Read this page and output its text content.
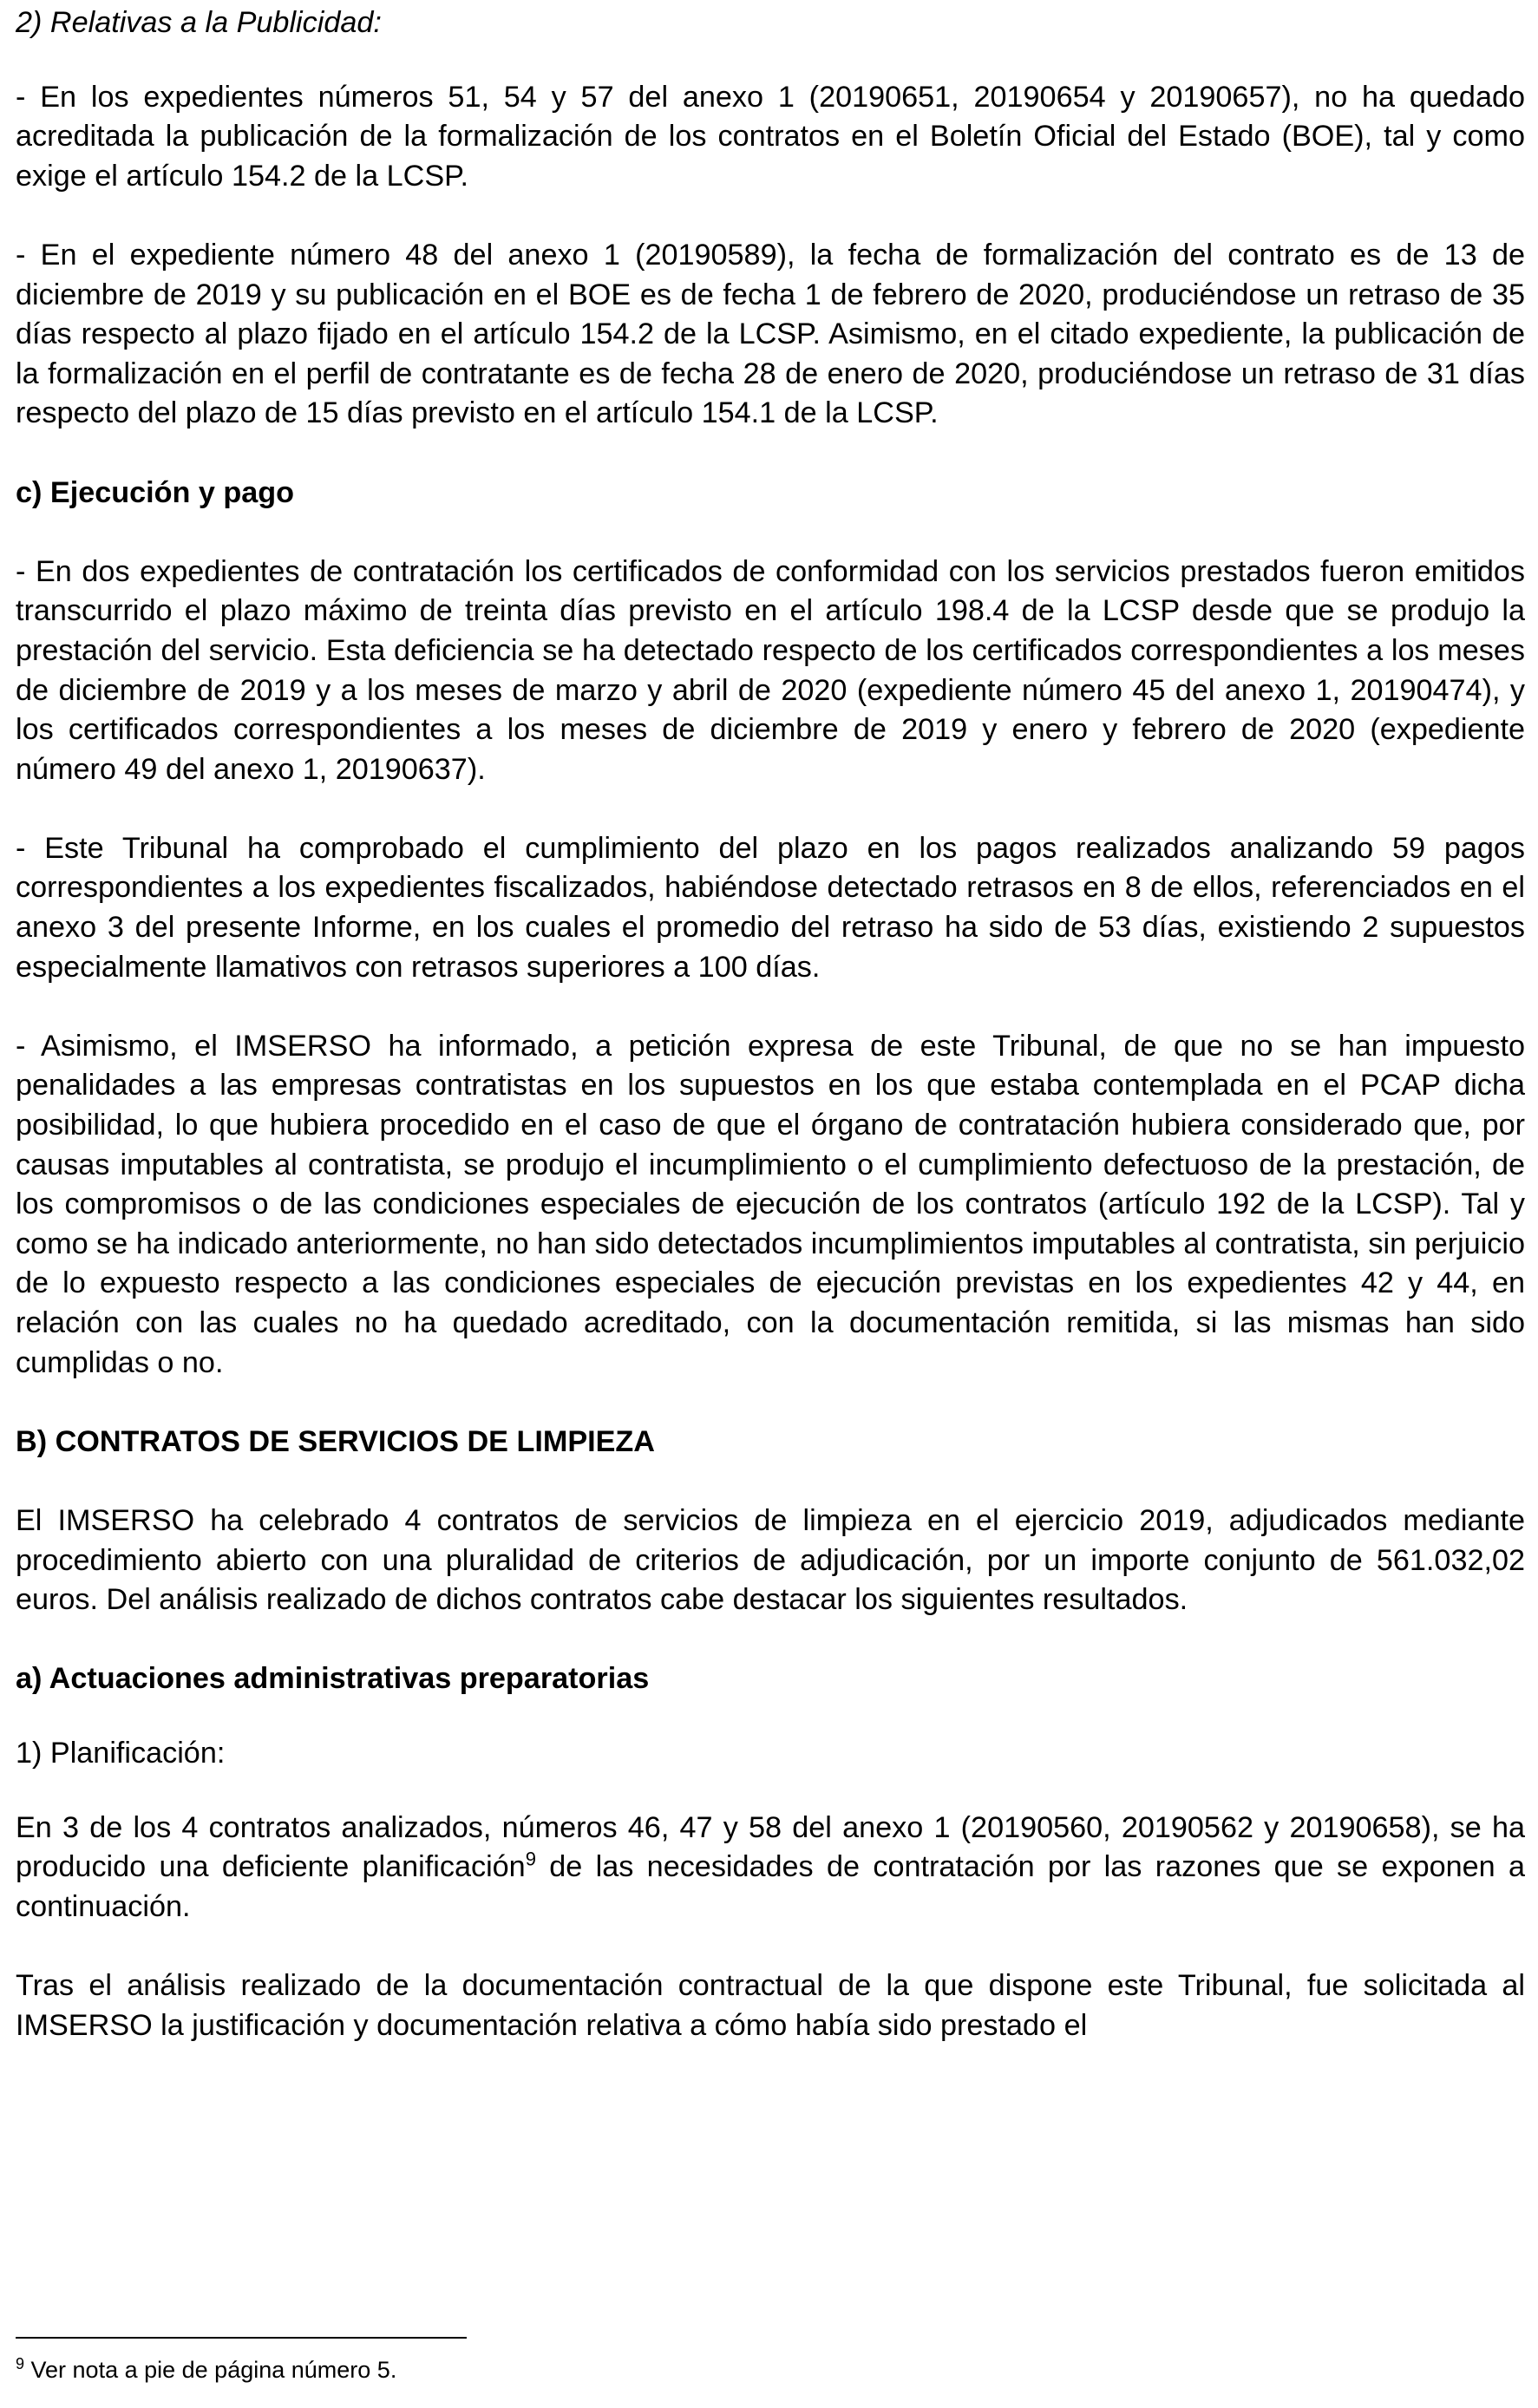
2) Relativas a la Publicidad:

- En los expedientes números 51, 54 y 57 del anexo 1 (20190651, 20190654 y 20190657), no ha quedado acreditada la publicación de la formalización de los contratos en el Boletín Oficial del Estado (BOE), tal y como exige el artículo 154.2 de la LCSP.

- En el expediente número 48 del anexo 1 (20190589), la fecha de formalización del contrato es de 13 de diciembre de 2019 y su publicación en el BOE es de fecha 1 de febrero de 2020, produciéndose un retraso de 35 días respecto al plazo fijado en el artículo 154.2 de la LCSP. Asimismo, en el citado expediente, la publicación de la formalización en el perfil de contratante es de fecha 28 de enero de 2020, produciéndose un retraso de 31 días respecto del plazo de 15 días previsto en el artículo 154.1 de la LCSP.

c) Ejecución y pago

- En dos expedientes de contratación los certificados de conformidad con los servicios prestados fueron emitidos transcurrido el plazo máximo de treinta días previsto en el artículo 198.4 de la LCSP desde que se produjo la prestación del servicio. Esta deficiencia se ha detectado respecto de los certificados correspondientes a los meses de diciembre de 2019 y a los meses de marzo y abril de 2020 (expediente número 45 del anexo 1, 20190474), y los certificados correspondientes a los meses de diciembre de 2019 y enero y febrero de 2020 (expediente número 49 del anexo 1, 20190637).

- Este Tribunal ha comprobado el cumplimiento del plazo en los pagos realizados analizando 59 pagos correspondientes a los expedientes fiscalizados, habiéndose detectado retrasos en 8 de ellos, referenciados en el anexo 3 del presente Informe, en los cuales el promedio del retraso ha sido de 53 días, existiendo 2 supuestos especialmente llamativos con retrasos superiores a 100 días.

- Asimismo, el IMSERSO ha informado, a petición expresa de este Tribunal, de que no se han impuesto penalidades a las empresas contratistas en los supuestos en los que estaba contemplada en el PCAP dicha posibilidad, lo que hubiera procedido en el caso de que el órgano de contratación hubiera considerado que, por causas imputables al contratista, se produjo el incumplimiento o el cumplimiento defectuoso de la prestación, de los compromisos o de las condiciones especiales de ejecución de los contratos (artículo 192 de la LCSP). Tal y como se ha indicado anteriormente, no han sido detectados incumplimientos imputables al contratista, sin perjuicio de lo expuesto respecto a las condiciones especiales de ejecución previstas en los expedientes 42 y 44, en relación con las cuales no ha quedado acreditado, con la documentación remitida, si las mismas han sido cumplidas o no.

B) CONTRATOS DE SERVICIOS DE LIMPIEZA

El IMSERSO ha celebrado 4 contratos de servicios de limpieza en el ejercicio 2019, adjudicados mediante procedimiento abierto con una pluralidad de criterios de adjudicación, por un importe conjunto de 561.032,02 euros. Del análisis realizado de dichos contratos cabe destacar los siguientes resultados.

a) Actuaciones administrativas preparatorias

1) Planificación:

En 3 de los 4 contratos analizados, números 46, 47 y 58 del anexo 1 (20190560, 20190562 y 20190658), se ha producido una deficiente planificación$^9$ de las necesidades de contratación por las razones que se exponen a continuación.

Tras el análisis realizado de la documentación contractual de la que dispone este Tribunal, fue solicitada al IMSERSO la justificación y documentación relativa a cómo había sido prestado el

$^9$ Ver nota a pie de página número 5.
